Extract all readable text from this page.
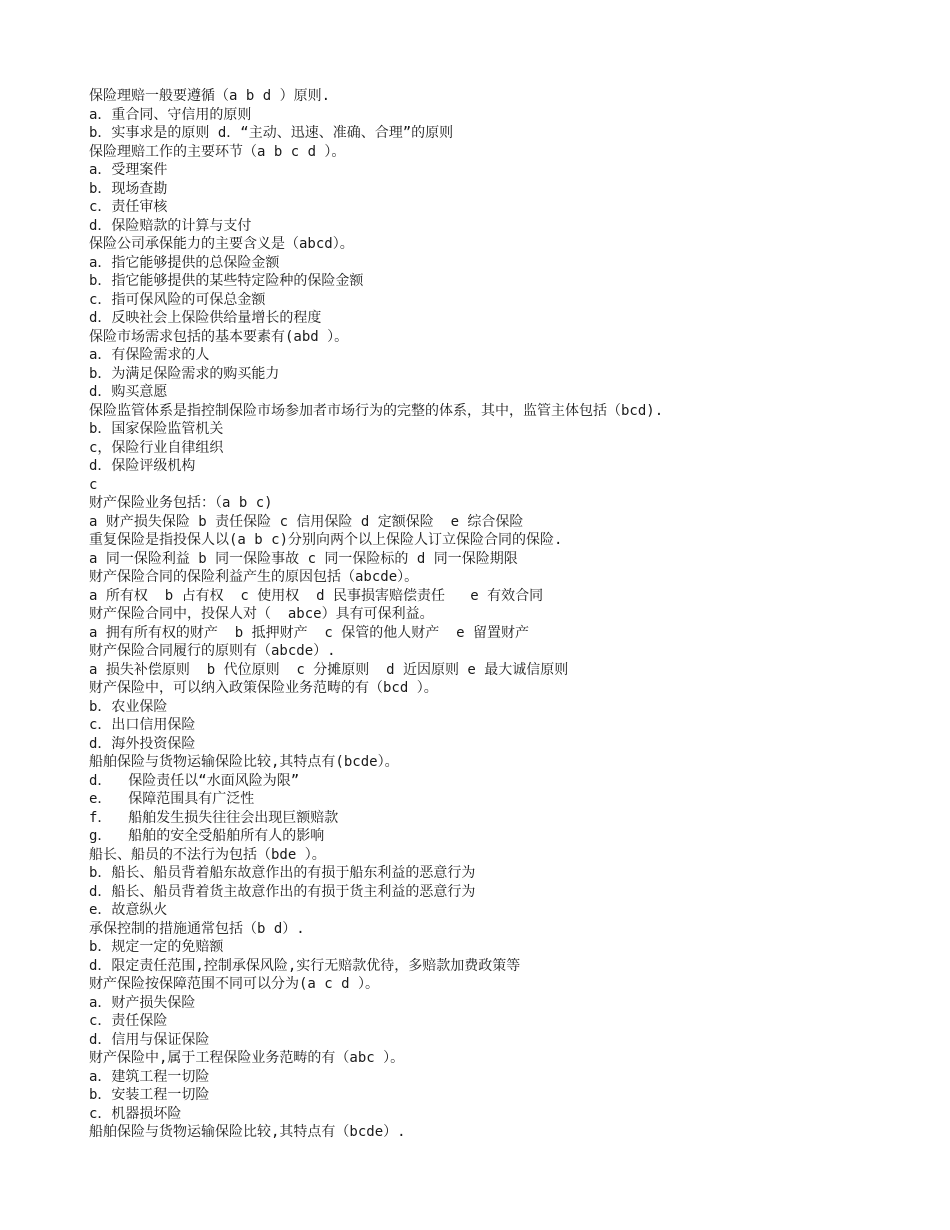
保险理赔一般要遵循（a b d ）原则.
a．重合同、守信用的原则
b．实事求是的原则 d．“主动、迅速、准确、合理”的原则
保险理赔工作的主要环节（a b c d ）。
a．受理案件
b．现场查勘
c．责任审核
d．保险赔款的计算与支付
保险公司承保能力的主要含义是（abcd）。
a．指它能够提供的总保险金额
b．指它能够提供的某些特定险种的保险金额
c．指可保风险的可保总金额
d．反映社会上保险供给量增长的程度
保险市场需求包括的基本要素有(abd ）。
a．有保险需求的人
b．为满足保险需求的购买能力
d．购买意愿
保险监管体系是指控制保险市场参加者市场行为的完整的体系，其中，监管主体包括（bcd).
b．国家保险监管机关
c，保险行业自律组织
d．保险评级机构
c
财产保险业务包括：（a b c)
a 财产损失保险 b 责任保险 c 信用保险 d 定额保险  e 综合保险
重复保险是指投保人以(a b c)分别向两个以上保险人订立保险合同的保险.
a 同一保险利益 b 同一保险事故 c 同一保险标的 d 同一保险期限
财产保险合同的保险利益产生的原因包括（abcde）。
a 所有权  b 占有权  c 使用权  d 民事损害赔偿责任   e 有效合同
财产保险合同中，投保人对（  abce）具有可保利益。
a 拥有所有权的财产  b 抵押财产  c 保管的他人财产  e 留置财产
财产保险合同履行的原则有（abcde）.
a 损失补偿原则  b 代位原则  c 分摊原则  d 近因原则 e 最大诚信原则
财产保险中，可以纳入政策保险业务范畴的有（bcd ）。
b．农业保险
c．出口信用保险
d．海外投资保险
船舶保险与货物运输保险比较,其特点有(bcde）。
d．  保险责任以“水面风险为限”
e．  保障范围具有广泛性
f．  船舶发生损失往往会出现巨额赔款
g．  船舶的安全受船舶所有人的影响
船长、船员的不法行为包括（bde ）。
b．船长、船员背着船东故意作出的有损于船东利益的恶意行为
d．船长、船员背着货主故意作出的有损于货主利益的恶意行为
e．故意纵火
承保控制的措施通常包括（b d）.
b．规定一定的免赔额
d．限定责任范围,控制承保风险,实行无赔款优待，多赔款加费政策等
财产保险按保障范围不同可以分为(a c d ）。
a．财产损失保险
c．责任保险
d．信用与保证保险
财产保险中,属于工程保险业务范畴的有（abc ）。
a．建筑工程一切险
b．安装工程一切险
c．机器损坏险
船舶保险与货物运输保险比较,其特点有（bcde）.
